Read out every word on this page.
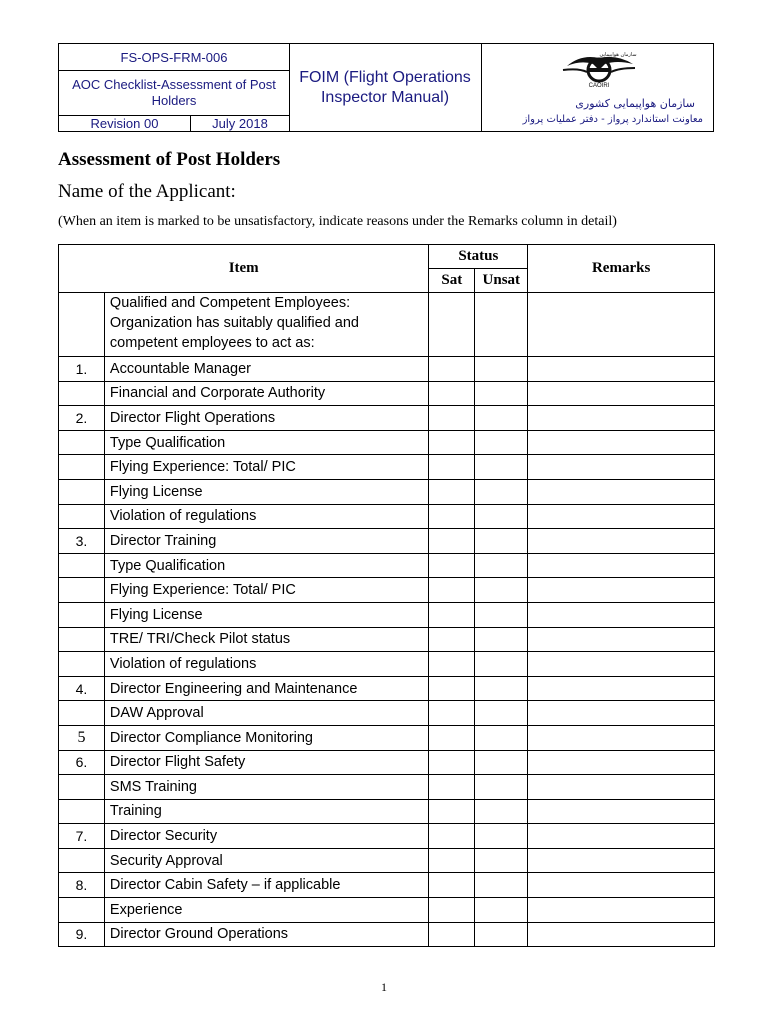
FS-OPS-FRM-006
AOC Checklist-Assessment of Post Holders
Revision 00	July 2018
FOIM (Flight Operations Inspector Manual)
سازمان هواپیمایی
CAOIRI
سازمان هواپیمایی کشوری
معاونت استاندارد پرواز - دفتر عملیات پرواز
Assessment of Post Holders
Name of the Applicant:
(When an item is marked to be unsatisfactory, indicate reasons under the Remarks column in detail)
Item		Status		Remarks
		Sat	Unsat	
	Qualified and Competent Employees: Organization has suitably qualified and competent employees to act as:			
1.	Accountable Manager			
	Financial and Corporate Authority			
2.	Director Flight Operations			
	Type Qualification			
	Flying Experience: Total/ PIC			
	Flying License			
	Violation of regulations			
3.	Director Training			
	Type Qualification			
	Flying Experience: Total/ PIC			
	Flying License			
	TRE/ TRI/Check Pilot status			
	Violation of regulations			
4.	Director Engineering and Maintenance			
	DAW Approval			
5	Director Compliance Monitoring			
6.	Director Flight Safety			
	SMS Training			
	Training			
7.	Director Security			
	Security Approval			
8.	Director Cabin Safety – if applicable			
	Experience			
9.	Director Ground Operations			
1
